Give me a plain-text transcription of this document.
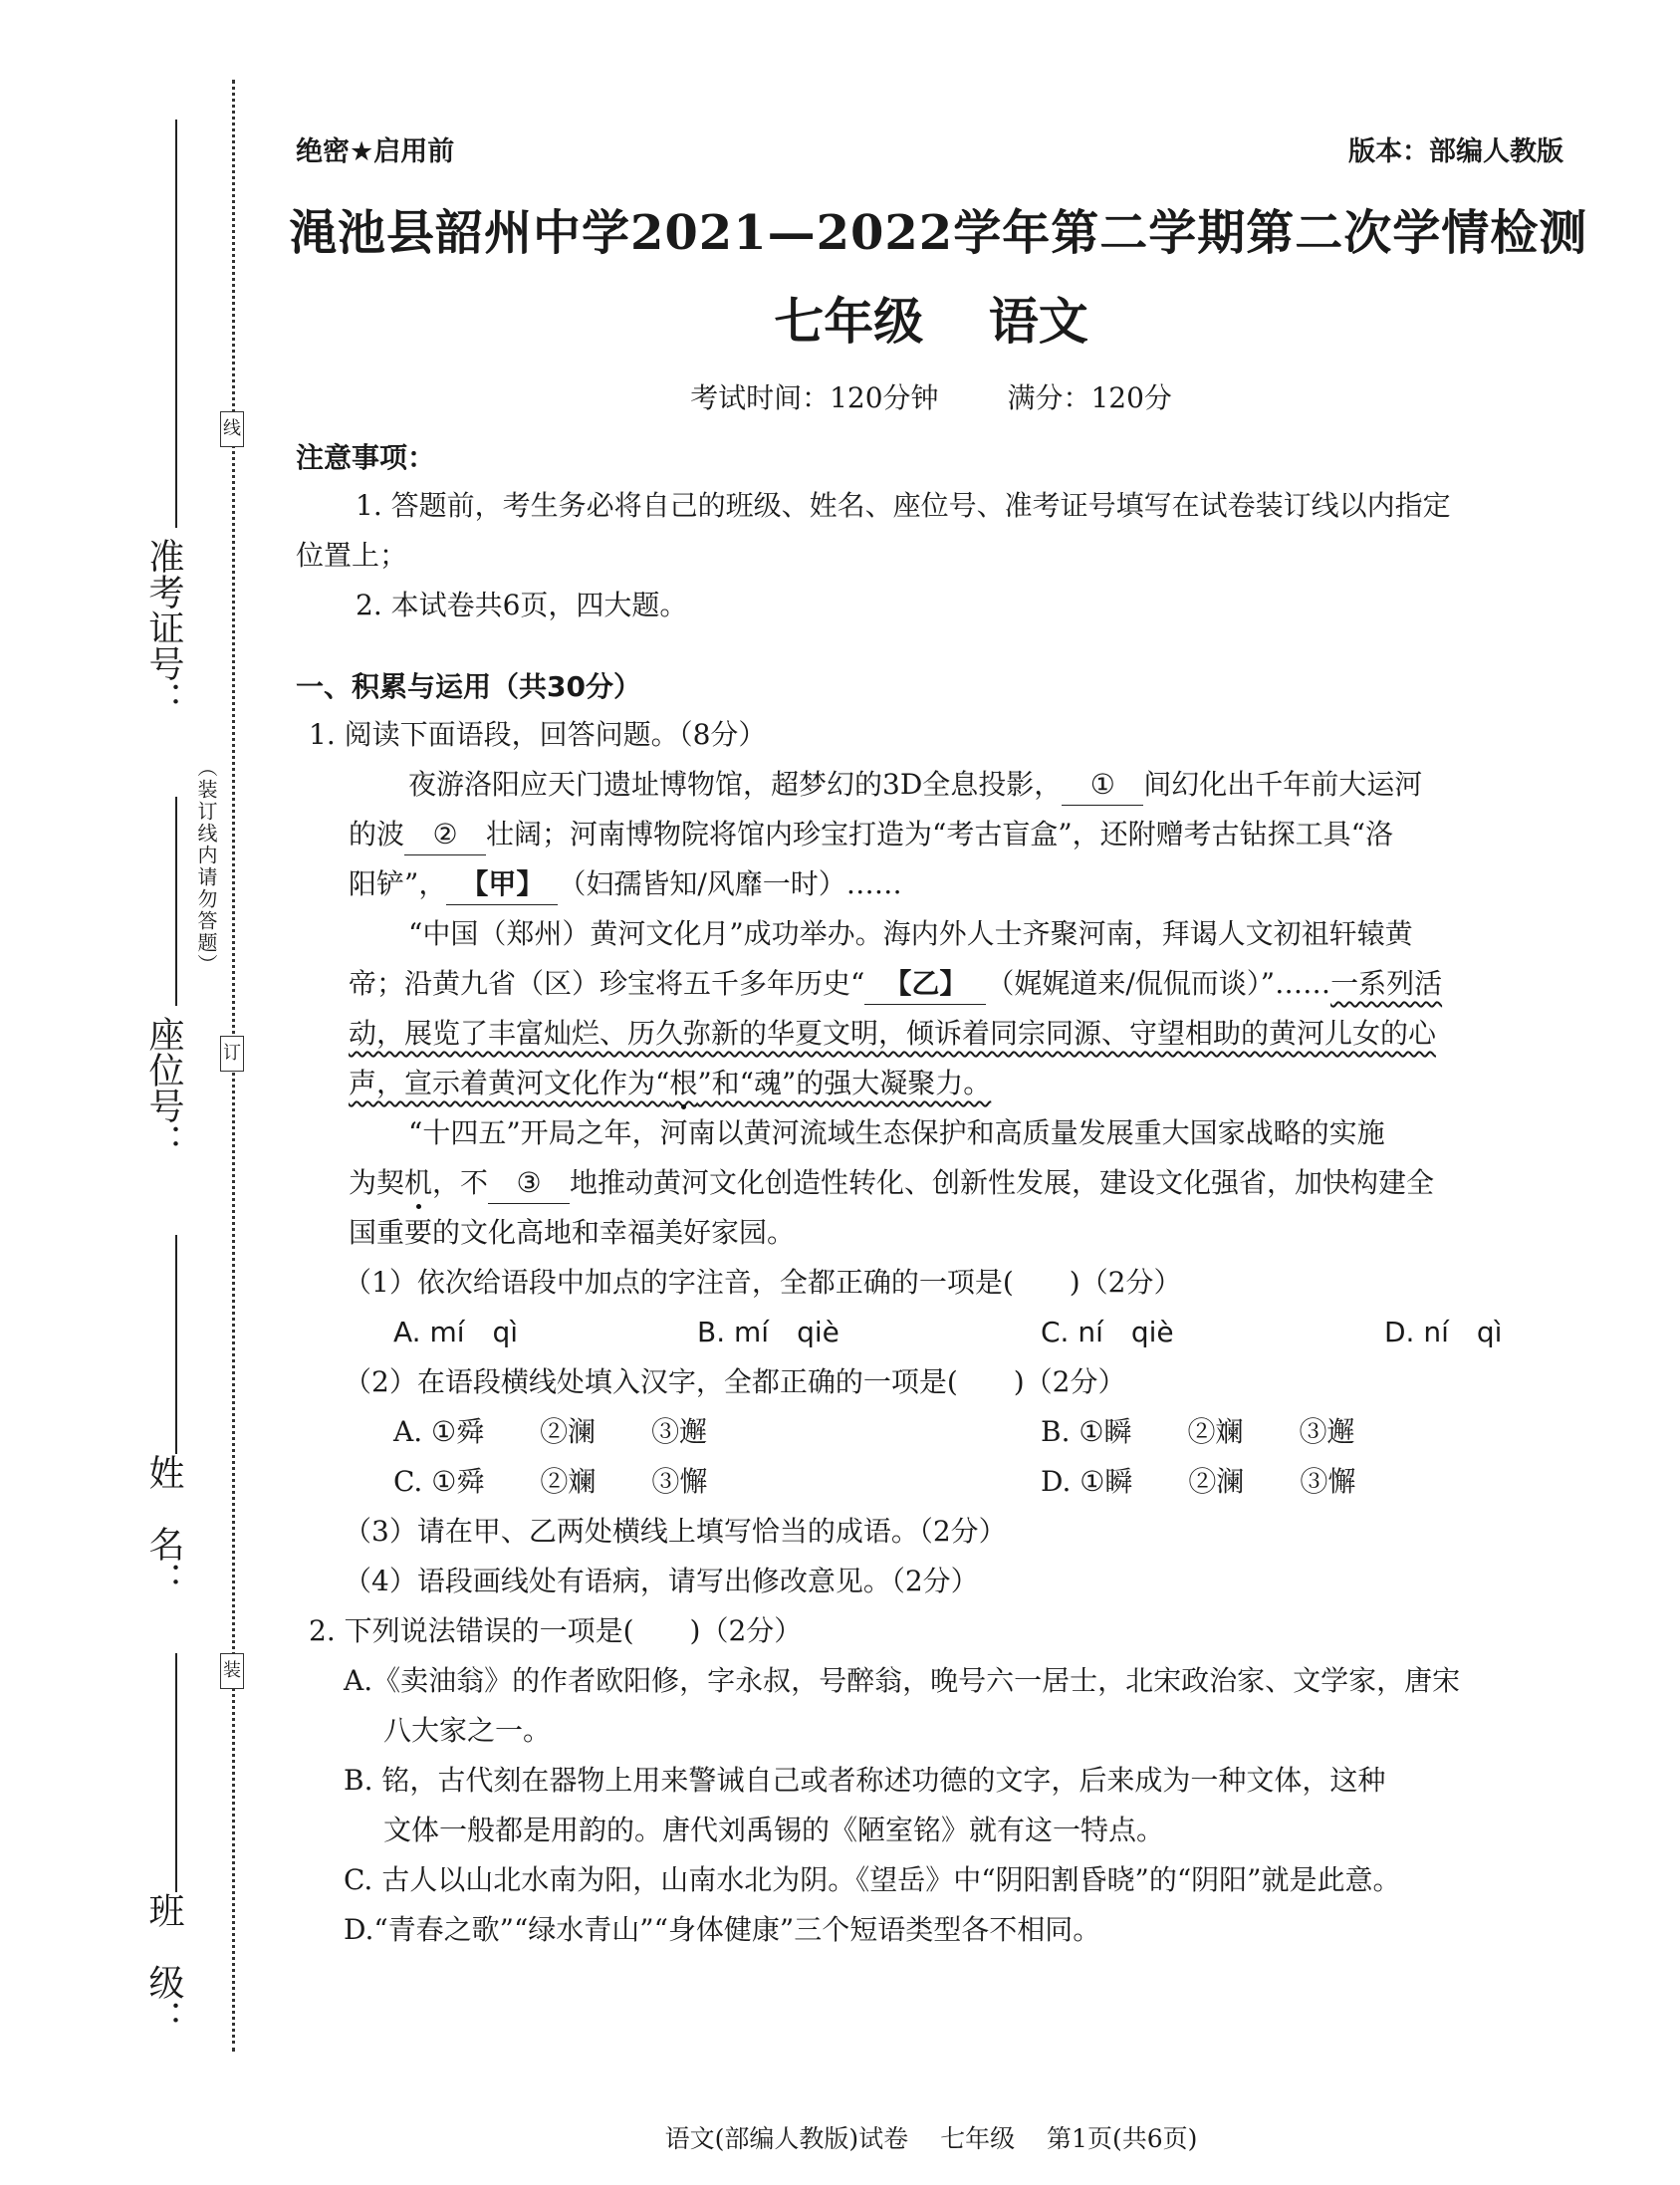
线
订
装
（装订线内请勿答题）
准考证号：
座位号：
姓　名：
班　级：
绝密★启用前	版本：部编人教版
渑池县韶州中学2021—2022学年第二学期第二次学情检测
七年级 语文
考试时间：120分钟 满分：120分
注意事项：
1. 答题前，考生务必将自己的班级、姓名、座位号、准考证号填写在试卷装订线以内指定
位置上；
2. 本试卷共6页，四大题。
一、积累与运用（共30分）
1. 阅读下面语段，回答问题。（8分）
夜游洛阳应天门遗址博物馆，超梦幻的3D全息投影， ① 间幻化出千年前大运河
的波 ② 壮阔；河南博物院将馆内珍宝打造为“考古盲盒”，还附赠考古钻探工具“洛
阳铲”， 【甲】 （妇孺皆知/风靡一时）……
“中国（郑州）黄河文化月”成功举办。海内外人士齐聚河南，拜谒人文初祖轩辕黄
帝；沿黄九省（区）珍宝将五千多年历史“ 【乙】 （娓娓道来/侃侃而谈）”……一系列活
动，展览了丰富灿烂、历久弥新的华夏文明，倾诉着同宗同源、守望相助的黄河儿女的心
声，宣示着黄河文化作为“根”和“魂”的强大凝聚力。
“十四五”开局之年，河南以黄河流域生态保护和高质量发展重大国家战略的实施
为契机，不 ③ 地推动黄河文化创造性转化、创新性发展，建设文化强省，加快构建全
国重要的文化高地和幸福美好家园。
（1）依次给语段中加点的字注音，全都正确的一项是(　　)（2分）
A. mí　qì	B. mí　qiè	C. ní　qiè	D. ní　qì
（2）在语段横线处填入汉字，全都正确的一项是(　　)（2分）
A. ①舜　　②澜　　③邂	B. ①瞬　　②斓　　③邂
C. ①舜　　②斓　　③懈	D. ①瞬　　②澜　　③懈
（3）请在甲、乙两处横线上填写恰当的成语。（2分）
（4）语段画线处有语病，请写出修改意见。（2分）
2. 下列说法错误的一项是(　　)（2分）
A.《卖油翁》的作者欧阳修，字永叔，号醉翁，晚号六一居士，北宋政治家、文学家，唐宋
八大家之一。
B. 铭，古代刻在器物上用来警诫自己或者称述功德的文字，后来成为一种文体，这种
文体一般都是用韵的。唐代刘禹锡的《陋室铭》就有这一特点。
C. 古人以山北水南为阳，山南水北为阴。《望岳》中“阴阳割昏晓”的“阴阳”就是此意。
D.“青春之歌”“绿水青山”“身体健康”三个短语类型各不相同。
语文(部编人教版)试卷 七年级 第1页(共6页)
